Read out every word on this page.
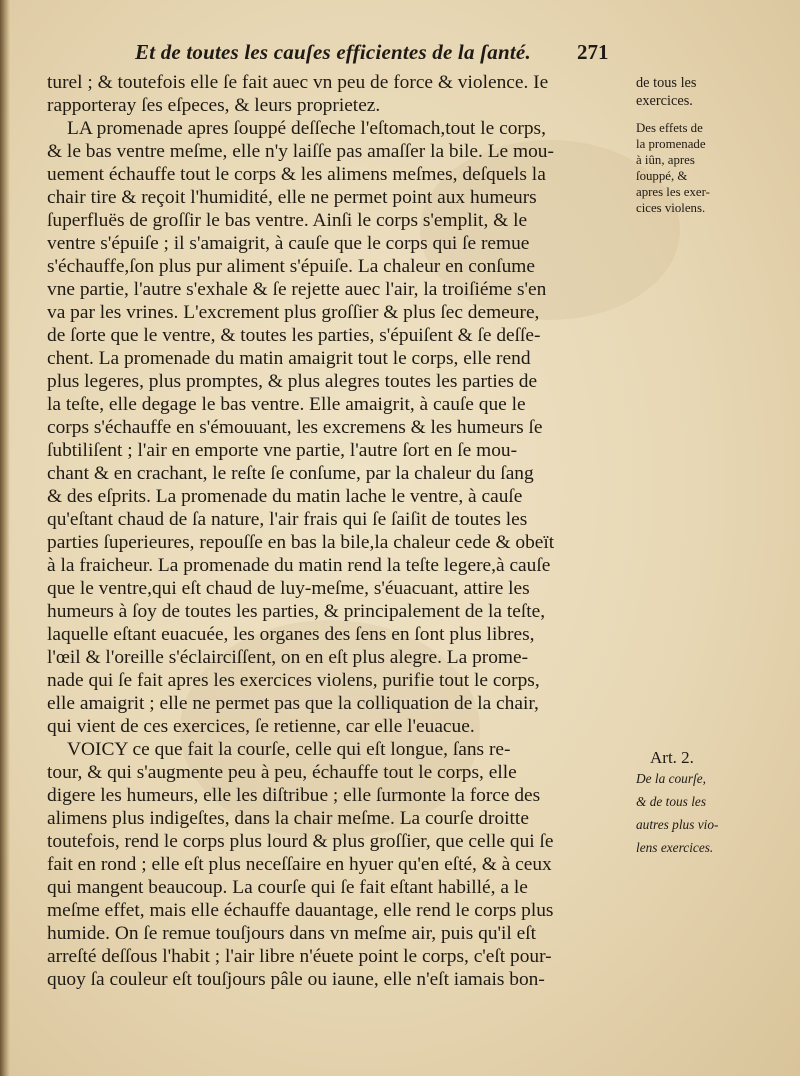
Et de toutes les cauſes efficientes de la ſanté. 271
turel ; & toutefois elle ſe fait auec vn peu de force & violence. Ie
rapporteray ſes eſpeces, & leurs proprietez.
LA promenade apres ſouppé deſſeche l'eſtomach,tout le corps,
& le bas ventre meſme, elle n'y laiſſe pas amaſſer la bile. Le mou-
uement échauffe tout le corps & les alimens meſmes, deſquels la
chair tire & reçoit l'humidité, elle ne permet point aux humeurs
ſuperfluës de groſſir le bas ventre. Ainſi le corps s'emplit, & le
ventre s'épuiſe ; il s'amaigrit, à cauſe que le corps qui ſe remue
s'échauffe,ſon plus pur aliment s'épuiſe. La chaleur en conſume
vne partie, l'autre s'exhale & ſe rejette auec l'air, la troiſiéme s'en
va par les vrines. L'excrement plus groſſier & plus ſec demeure,
de ſorte que le ventre, & toutes les parties, s'épuiſent & ſe deſſe-
chent. La promenade du matin amaigrit tout le corps, elle rend
plus legeres, plus promptes, & plus alegres toutes les parties de
la teſte, elle degage le bas ventre. Elle amaigrit, à cauſe que le
corps s'échauffe en s'émouuant, les excremens & les humeurs ſe
ſubtiliſent ; l'air en emporte vne partie, l'autre ſort en ſe mou-
chant & en crachant, le reſte ſe conſume, par la chaleur du ſang
& des eſprits. La promenade du matin lache le ventre, à cauſe
qu'eſtant chaud de ſa nature, l'air frais qui ſe ſaiſit de toutes les
parties ſuperieures, repouſſe en bas la bile,la chaleur cede & obeït
à la fraicheur. La promenade du matin rend la teſte legere,à cauſe
que le ventre,qui eſt chaud de luy-meſme, s'éuacuant, attire les
humeurs à ſoy de toutes les parties, & principalement de la teſte,
laquelle eſtant euacuée, les organes des ſens en ſont plus libres,
l'œil & l'oreille s'éclairciſſent, on en eſt plus alegre. La prome-
nade qui ſe fait apres les exercices violens, purifie tout le corps,
elle amaigrit ; elle ne permet pas que la colliquation de la chair,
qui vient de ces exercices, ſe retienne, car elle l'euacue.
VOICY ce que fait la courſe, celle qui eſt longue, ſans re-
tour, & qui s'augmente peu à peu, échauffe tout le corps, elle
digere les humeurs, elle les diſtribue ; elle ſurmonte la force des
alimens plus indigeſtes, dans la chair meſme. La courſe droitte
toutefois, rend le corps plus lourd & plus groſſier, que celle qui ſe
fait en rond ; elle eſt plus neceſſaire en hyuer qu'en eſté, & à ceux
qui mangent beaucoup. La courſe qui ſe fait eſtant habillé, a le
meſme effet, mais elle échauffe dauantage, elle rend le corps plus
humide. On ſe remue touſjours dans vn meſme air, puis qu'il eſt
arreſté deſſous l'habit ; l'air libre n'éuete point le corps, c'eſt pour-
quoy ſa couleur eſt touſjours pâle ou iaune, elle n'eſt iamais bon-
de tous les
exercices.
Des effets de
la promenade
à iûn, apres
ſouppé, &
apres les exer-
cices violens.
Art. 2.
De la courſe,
& de tous les
autres plus vio-
lens exercices.
